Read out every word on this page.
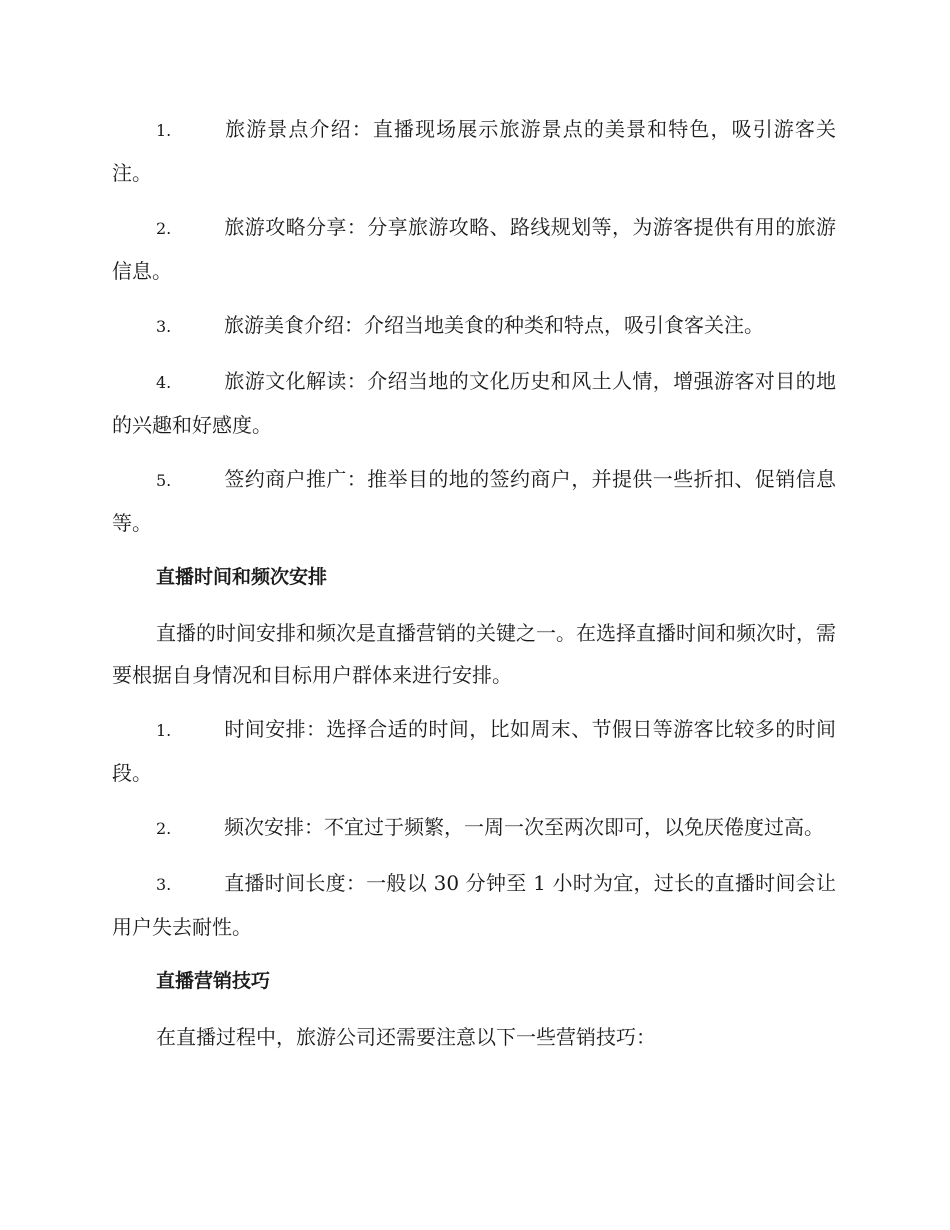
1.	旅游景点介绍：直播现场展示旅游景点的美景和特色，吸引游客关注。
2.	旅游攻略分享：分享旅游攻略、路线规划等，为游客提供有用的旅游信息。
3.	旅游美食介绍：介绍当地美食的种类和特点，吸引食客关注。
4.	旅游文化解读：介绍当地的文化历史和风土人情，增强游客对目的地的兴趣和好感度。
5.	签约商户推广：推举目的地的签约商户，并提供一些折扣、促销信息等。
直播时间和频次安排
直播的时间安排和频次是直播营销的关键之一。在选择直播时间和频次时，需要根据自身情况和目标用户群体来进行安排。
1.	时间安排：选择合适的时间，比如周末、节假日等游客比较多的时间段。
2.	频次安排：不宜过于频繁，一周一次至两次即可，以免厌倦度过高。
3.	直播时间长度：一般以 30 分钟至 1 小时为宜，过长的直播时间会让用户失去耐性。
直播营销技巧
在直播过程中，旅游公司还需要注意以下一些营销技巧：
